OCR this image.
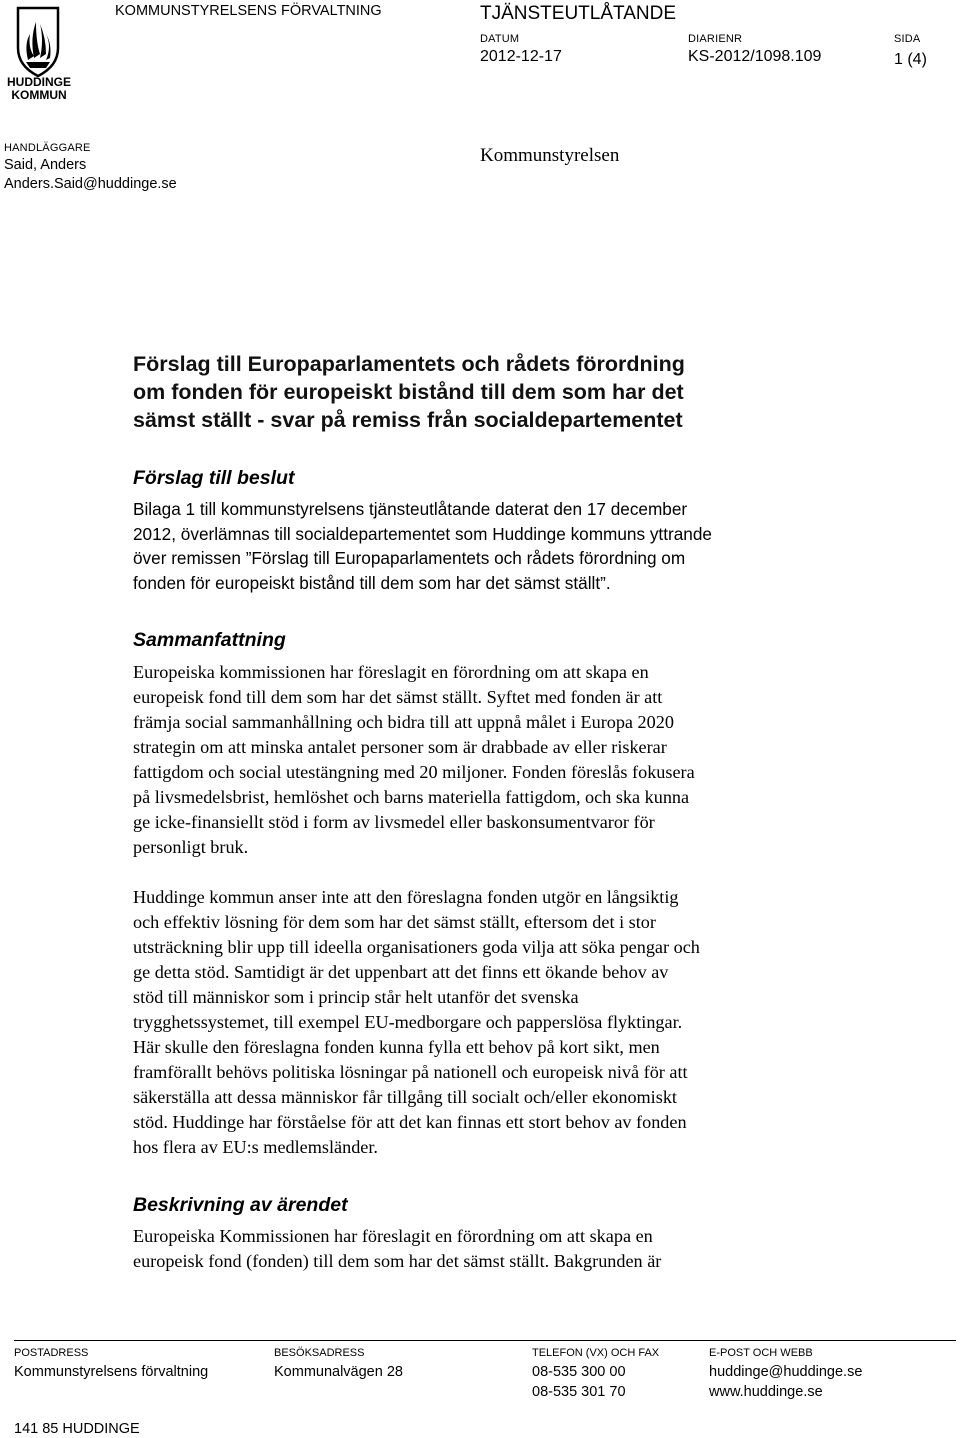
HUDDINGE
KOMMUN
KOMMUNSTYRELSENS FÖRVALTNING	TJÄNSTEUTLÅTANDE
DATUM
2012-12-17
DIARIENR
KS-2012/1098.109
SIDA
1 (4)
HANDLÄGGARE
Said, Anders
Anders.Said@huddinge.se
Kommunstyrelsen
Förslag till Europaparlamentets och rådets förordning
om fonden för europeiskt bistånd till dem som har det
sämst ställt - svar på remiss från socialdepartementet
Förslag till beslut
Bilaga 1 till kommunstyrelsens tjänsteutlåtande daterat den 17 december
2012, överlämnas till socialdepartementet som Huddinge kommuns yttrande
över remissen ”Förslag till Europaparlamentets och rådets förordning om
fonden för europeiskt bistånd till dem som har det sämst ställt”.
Sammanfattning
Europeiska kommissionen har föreslagit en förordning om att skapa en
europeisk fond till dem som har det sämst ställt. Syftet med fonden är att
främja social sammanhållning och bidra till att uppnå målet i Europa 2020
strategin om att minska antalet personer som är drabbade av eller riskerar
fattigdom och social utestängning med 20 miljoner. Fonden föreslås fokusera
på livsmedelsbrist, hemlöshet och barns materiella fattigdom, och ska kunna
ge icke-finansiellt stöd i form av livsmedel eller baskonsumentvaror för
personligt bruk.
Huddinge kommun anser inte att den föreslagna fonden utgör en långsiktig
och effektiv lösning för dem som har det sämst ställt, eftersom det i stor
utsträckning blir upp till ideella organisationers goda vilja att söka pengar och
ge detta stöd. Samtidigt är det uppenbart att det finns ett ökande behov av
stöd till människor som i princip står helt utanför det svenska
trygghetssystemet, till exempel EU-medborgare och papperslösa flyktingar.
Här skulle den föreslagna fonden kunna fylla ett behov på kort sikt, men
framförallt behövs politiska lösningar på nationell och europeisk nivå för att
säkerställa att dessa människor får tillgång till socialt och/eller ekonomiskt
stöd. Huddinge har förståelse för att det kan finnas ett stort behov av fonden
hos flera av EU:s medlemsländer.
Beskrivning av ärendet
Europeiska Kommissionen har föreslagit en förordning om att skapa en
europeisk fond (fonden) till dem som har det sämst ställt. Bakgrunden är
POSTADRESS
Kommunstyrelsens förvaltning
141 85 HUDDINGE
BESÖKSADRESS
Kommunalvägen 28
TELEFON (VX) OCH FAX
08-535 300 00
08-535 301 70
E-POST OCH WEBB
huddinge@huddinge.se
www.huddinge.se
